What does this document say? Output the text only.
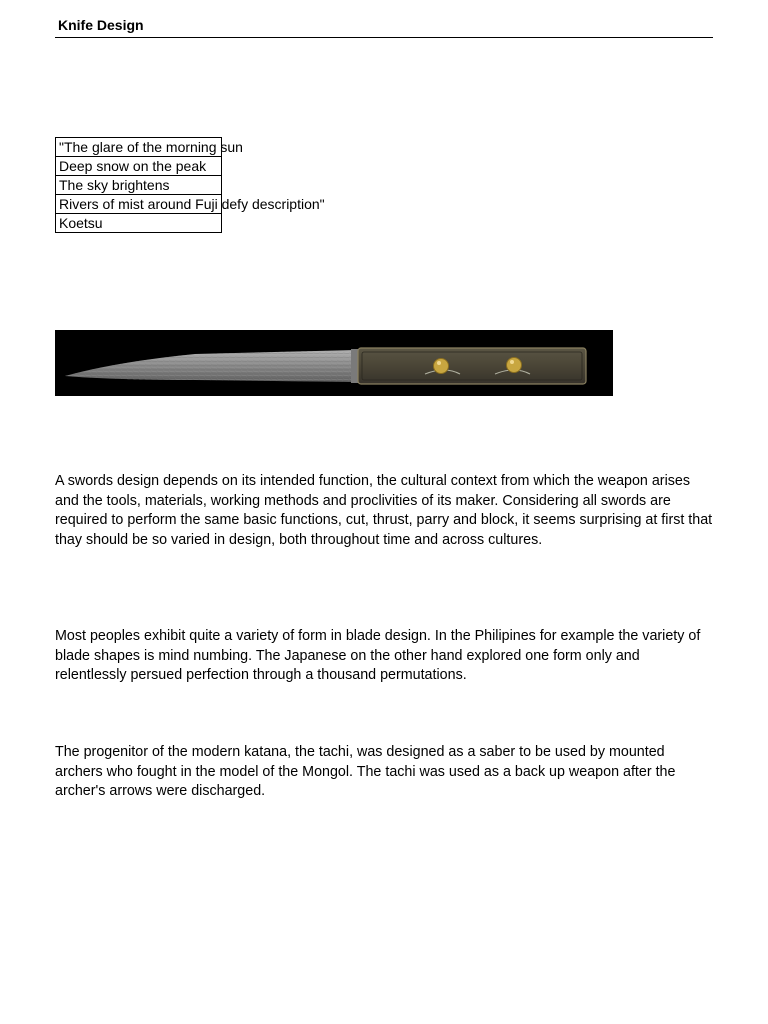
Knife Design
"The glare of the morning sun
Deep snow on the peak
The sky brightens
Rivers of mist around Fuji defy description"
Koetsu

A swords design depends on its intended function, the cultural context from which the weapon arises and the tools, materials, working methods and proclivities of its maker. Considering all swords are required to perform the same basic functions, cut, thrust, parry and block, it seems surprising at first that thay should be so varied in design, both throughout time and across cultures.

Most peoples exhibit quite a variety of form in blade design. In the Philipines for example the variety of blade shapes is mind numbing. The Japanese on the other hand explored one form only and relentlessly persued perfection through a thousand permutations.

The progenitor of the modern katana, the tachi, was designed as a saber to be used by mounted archers who fought in the model of the Mongol. The tachi was used as a back up weapon after the archer's arrows were discharged.
